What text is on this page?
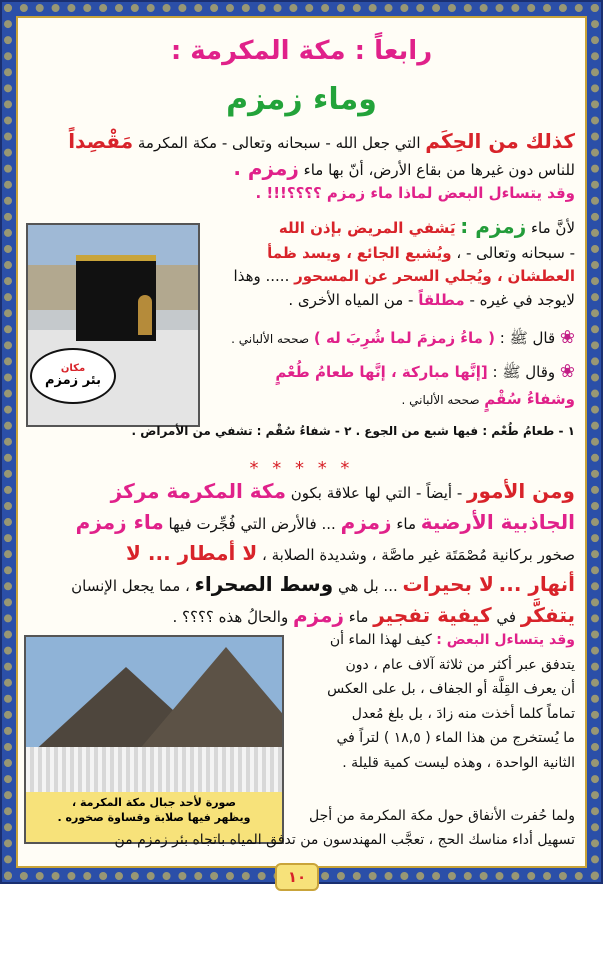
رابعاً : مكة المكرمة :
وماء زمزم
كذلك من الحِكَم التي جعل الله - سبحانه وتعالى - مكة المكرمة مَقْصِداً
للناس دون غيرها من بقاع الأرض، أنّ بها ماء زمزم .
وقد يتساءل البعض لماذا ماء زمزم ؟؟؟؟!!! .
مكان
بئر زمزم
لأنَّ ماء زمزم : يَشفي المريض بإذن الله
- سبحانه وتعالى - ، ويُشبع الجائع ، ويسد ظمأ
العطشان ، ويُجلي السحر عن المسحور ..... وهذا
لايوجد في غيره - مطلقاً - من المياه الأخرى .
❀ قال ﷺ : ( ماءُ زمزمَ لما شُرِبَ له ) صححه الألباني .
❀ وقال ﷺ : [إنَّها مباركة ، إنَّها طعامُ طُعْمٍ
وشفاءُ سُقْمٍ صححه الألباني .
١ - طعامُ طُعْم : فيها شبع من الجوع . ٢ - شفاءُ سُقْم : تشفي من الأمراض .
* * * * *
ومن الأمور - أيضاً - التي لها علاقة بكون مكة المكرمة مركز
الجاذبية الأرضية ماء زمزم ... فالأرض التي فُجِّرت فيها ماء زمزم
صخور بركانية مُصْمَتَة غير ماصَّة ، وشديدة الصلابة ، لا أمطار ... لا
أنهار ... لا بحيرات ... بل هي وسط الصحراء ، مما يجعل الإنسان
يتفكَّر في كيفية تفجير ماء زمزم والحالُ هذه ؟؟؟؟ .
صورة لأحد جبال مكة المكرمة ،
ويظهر فيها صلابة وقساوة صخوره .
وقد يتساءل البعض : كيف لهذا الماء أن
يتدفق عبر أكثر من ثلاثة آلاف عام ، دون
أن يعرف القِلَّة أو الجفاف ، بل على العكس
تماماً كلما أخذت منه زادَ ، بل بلغ مُعدل
ما يُستخرج من هذا الماء ( ١٨,٥ ) لتراً في
الثانية الواحدة ، وهذه ليست كمية قليلة .
ولما حُفرت الأنفاق حول مكة المكرمة من أجل
تسهيل أداء مناسك الحج ، تعجَّب المهندسون من تدفق المياه باتجاه بئر زمزم من
١٠
